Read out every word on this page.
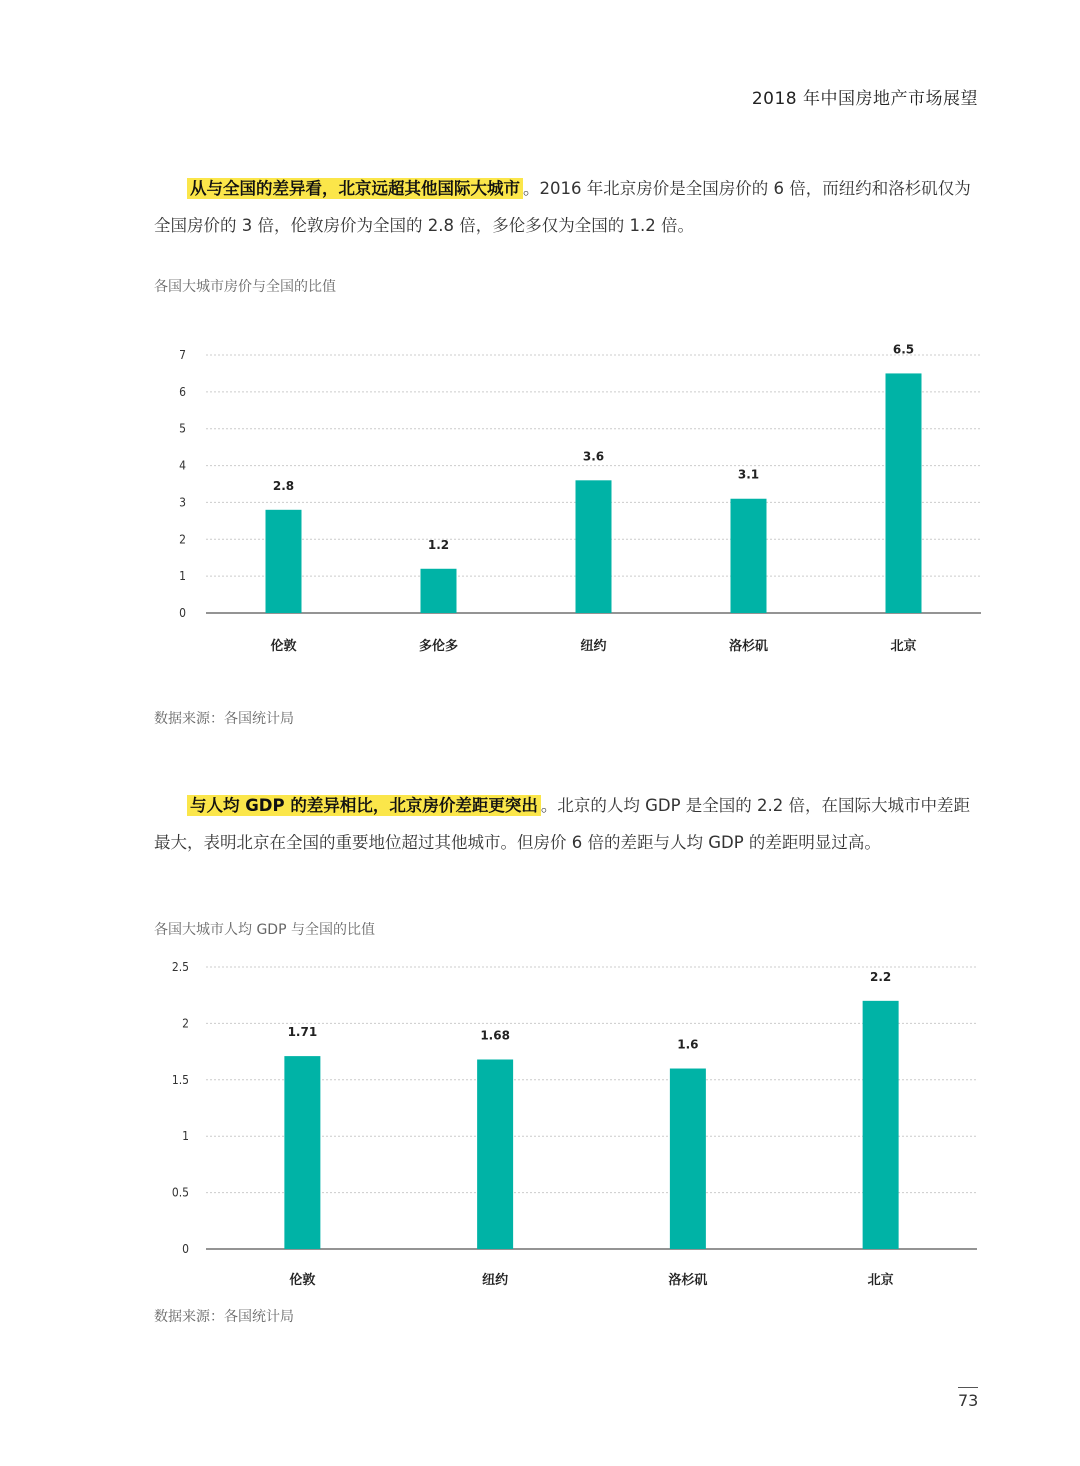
2018 年中国房地产市场展望

从与全国的差异看，北京远超其他国际大城市 。2016 年北京房价是全国房价的 6 倍，而纽约和洛杉矶仅为全国房价的 3 倍，伦敦房价为全国的 2.8 倍，多伦多仅为全国的 1.2 倍。

各国大城市房价与全国的比值
0
1
2
3
4
5
6
7
2.8
伦敦
1.2
多伦多
3.6
纽约
3.1
洛杉矶
6.5
北京
数据来源：各国统计局

与人均 GDP 的差异相比，北京房价差距更突出 。北京的人均 GDP 是全国的 2.2 倍，在国际大城市中差距最大，表明北京在全国的重要地位超过其他城市。但房价 6 倍的差距与人均 GDP 的差距明显过高。

各国大城市人均 GDP 与全国的比值
0
0.5
1
1.5
2
2.5
1.71
伦敦
1.68
纽约
1.6
洛杉矶
2.2
北京
数据来源：各国统计局
73
